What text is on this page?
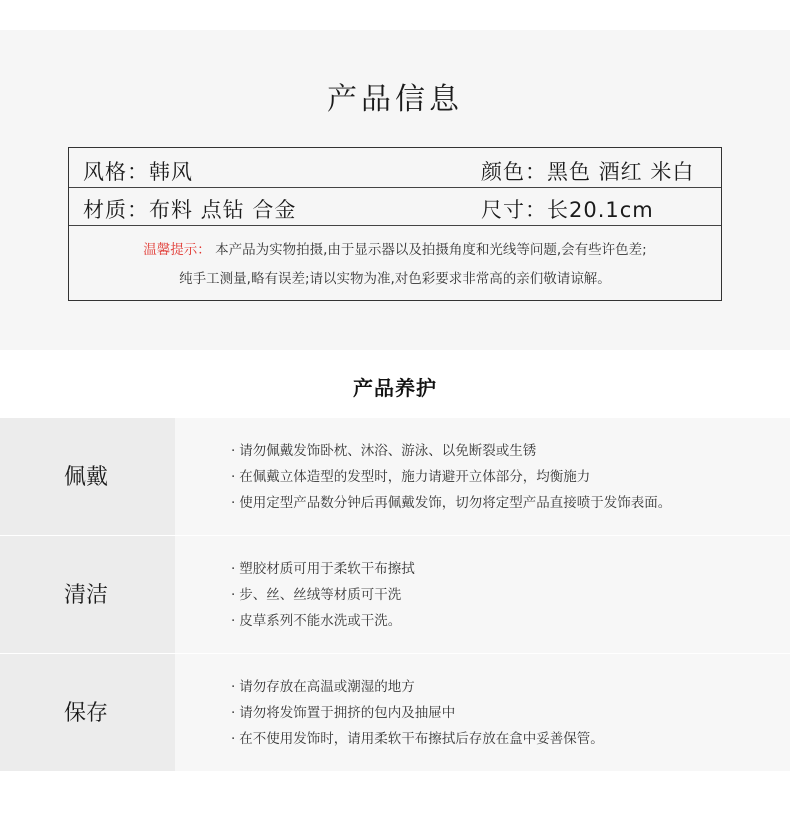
产品信息
风格：韩风	颜色：黑色 酒红 米白
材质：布料 点钻 合金	尺寸：长20.1cm
温馨提示： 本产品为实物拍摄,由于显示器以及拍摄角度和光线等问题,会有些许色差;
纯手工测量,略有误差;请以实物为准,对色彩要求非常高的亲们敬请谅解。
产品养护
佩戴
· 请勿佩戴发饰卧枕、沐浴、游泳、以免断裂或生锈
· 在佩戴立体造型的发型时，施力请避开立体部分，均衡施力
· 使用定型产品数分钟后再佩戴发饰，切勿将定型产品直接喷于发饰表面。
清洁
· 塑胶材质可用于柔软干布擦拭
· 步、丝、丝绒等材质可干洗
· 皮草系列不能水洗或干洗。
保存
· 请勿存放在高温或潮湿的地方
· 请勿将发饰置于拥挤的包内及抽屉中
· 在不使用发饰时，请用柔软干布擦拭后存放在盒中妥善保管。
